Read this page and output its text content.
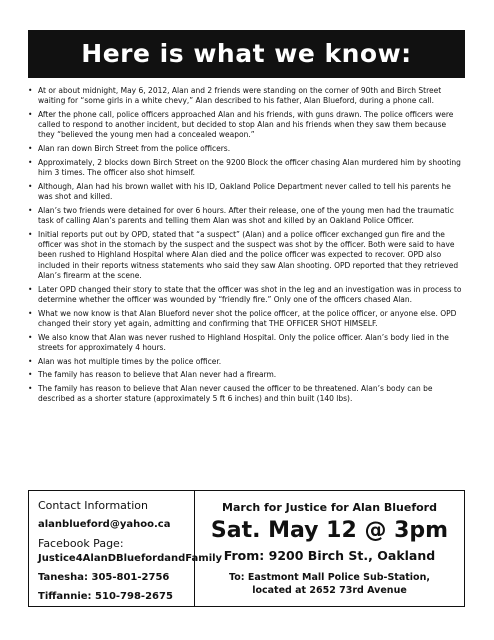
Here is what we know:
• At or about midnight, May 6, 2012, Alan and 2 friends were standing on the corner of 90th and Birch Street waiting for “some girls in a white chevy,” Alan described to his father, Alan Blueford, during a phone call.
• After the phone call, police officers approached Alan and his friends, with guns drawn. The police officers were called to respond to another incident, but decided to stop Alan and his friends when they saw them because they “believed the young men had a concealed weapon.”
• Alan ran down Birch Street from the police officers.
• Approximately, 2 blocks down Birch Street on the 9200 Block the officer chasing Alan murdered him by shooting him 3 times. The officer also shot himself.
• Although, Alan had his brown wallet with his ID, Oakland Police Department never called to tell his parents he was shot and killed.
• Alan’s two friends were detained for over 6 hours. After their release, one of the young men had the traumatic task of calling Alan’s parents and telling them Alan was shot and killed by an Oakland Police Officer.
• Initial reports put out by OPD, stated that “a suspect” (Alan) and a police officer exchanged gun fire and the officer was shot in the stomach by the suspect and the suspect was shot by the officer. Both were said to have been rushed to Highland Hospital where Alan died and the police officer was expected to recover. OPD also included in their reports witness statements who said they saw Alan shooting. OPD reported that they retrieved Alan’s firearm at the scene.
• Later OPD changed their story to state that the officer was shot in the leg and an investigation was in process to determine whether the officer was wounded by “friendly fire.” Only one of the officers chased Alan.
• What we now know is that Alan Blueford never shot the police officer, at the police officer, or anyone else. OPD changed their story yet again, admitting and confirming that THE OFFICER SHOT HIMSELF.
• We also know that Alan was never rushed to Highland Hospital. Only the police officer. Alan’s body lied in the streets for approximately 4 hours.
• Alan was hot multiple times by the police officer.
• The family has reason to believe that Alan never had a firearm.
• The family has reason to believe that Alan never caused the officer to be threatened. Alan’s body can be described as a shorter stature (approximately 5 ft 6 inches) and thin built (140 lbs).
Contact Information
alanblueford@yahoo.ca
Facebook Page:
Justice4AlanDBluefordandFamily
Tanesha: 305-801-2756
Tiffannie: 510-798-2675
March for Justice for Alan Blueford
Sat. May 12 @ 3pm
From: 9200 Birch St., Oakland
To: Eastmont Mall Police Sub-Station,
located at 2652 73rd Avenue
